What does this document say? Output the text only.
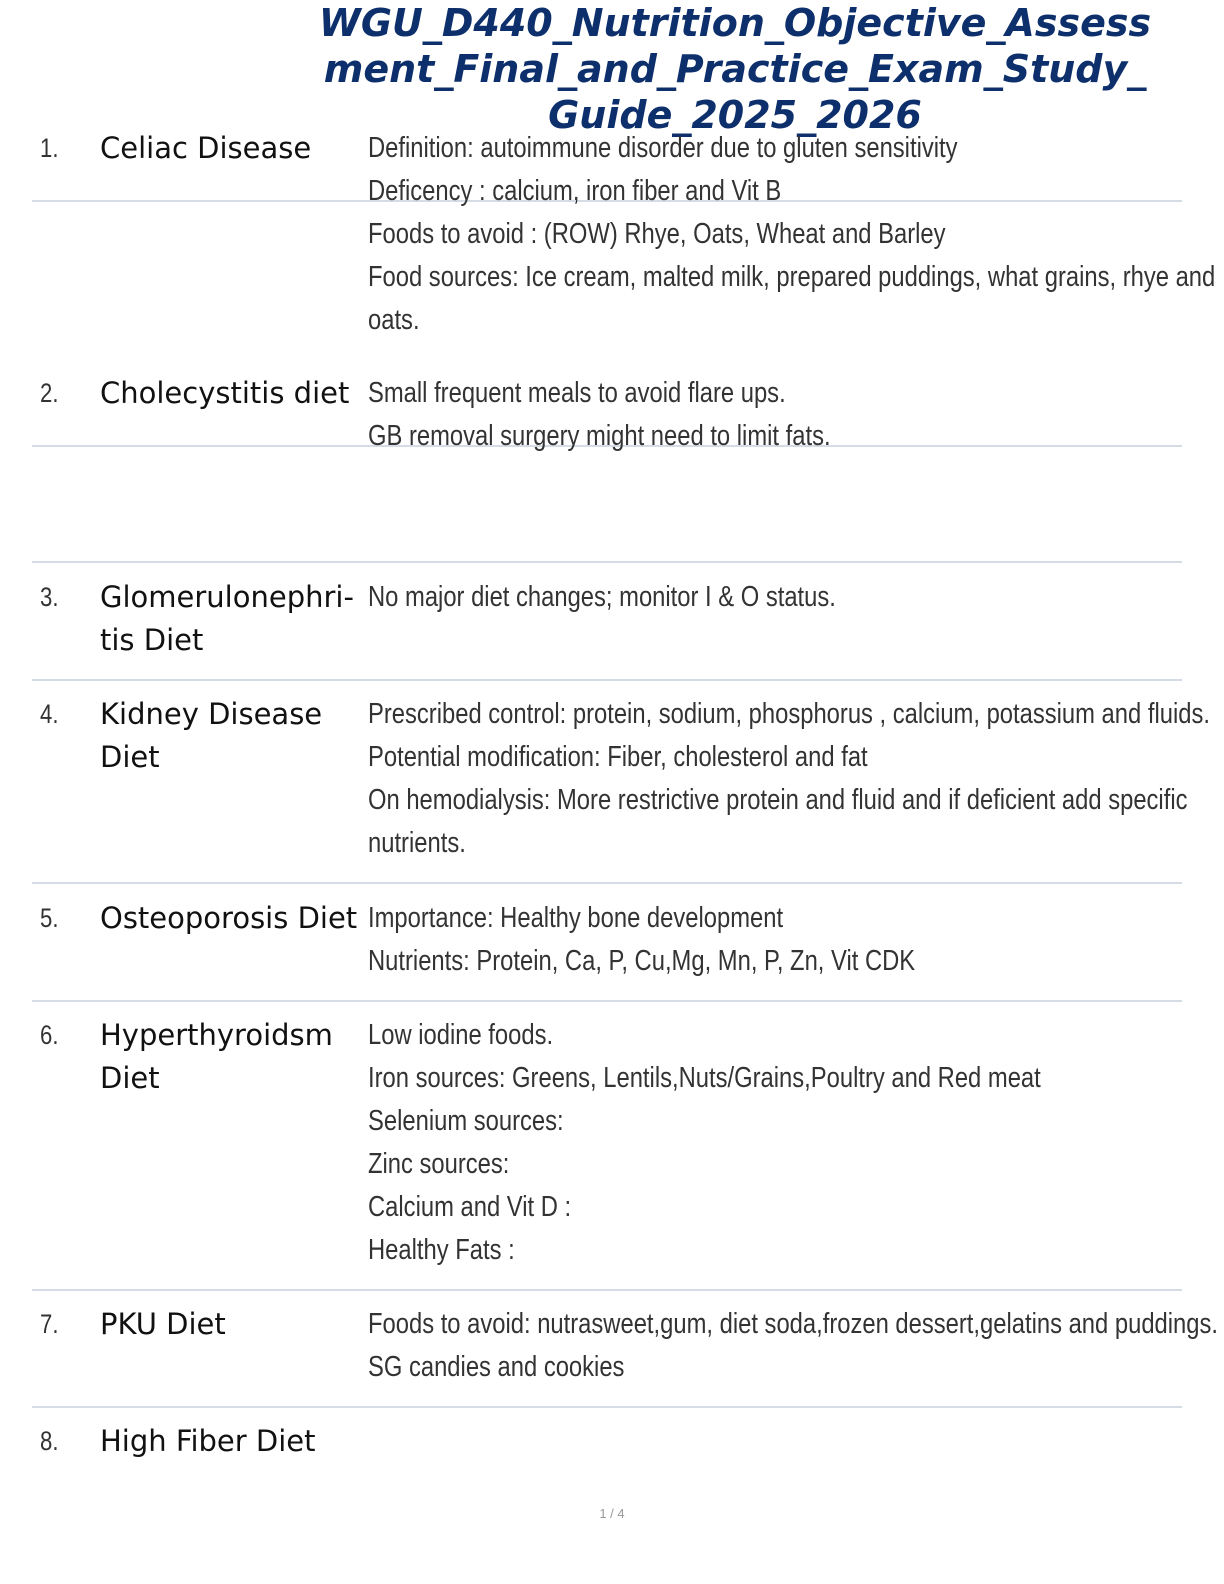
WGU_D440_Nutrition_Objective_Assess
ment_Final_and_Practice_Exam_Study_
Guide_2025_2026
1. Celiac Disease	Definition: autoimmune disorder due to gluten sensitivity
Deficency : calcium, iron fiber and Vit B
Foods to avoid : (ROW) Rhye, Oats, Wheat and Barley
Food sources: Ice cream, malted milk, prepared puddings, what grains, rhye and
oats.
2. Cholecystitis diet Small frequent meals to avoid flare ups.
GB removal surgery might need to limit fats.
3. Glomerulonephri- tis Diet
No major diet changes; monitor I & O status.
4. Kidney Disease Diet
Prescribed control: protein, sodium, phosphorus , calcium, potassium and fluids.
Potential modification: Fiber, cholesterol and fat
On hemodialysis: More restrictive protein and fluid and if deficient add specific
nutrients.
5. Osteoporosis Diet Importance: Healthy bone development
Nutrients: Protein, Ca, P, Cu,Mg, Mn, P, Zn, Vit CDK
6. Hyperthyroidsm Diet
Low iodine foods.
Iron sources: Greens, Lentils,Nuts/Grains,Poultry and Red meat
Selenium sources:
Zinc sources:
Calcium and Vit D :
Healthy Fats :
7. PKU Diet	Foods to avoid: nutrasweet,gum, diet soda,frozen dessert,gelatins and puddings.
SG candies and cookies
8. High Fiber Diet
1 / 4
